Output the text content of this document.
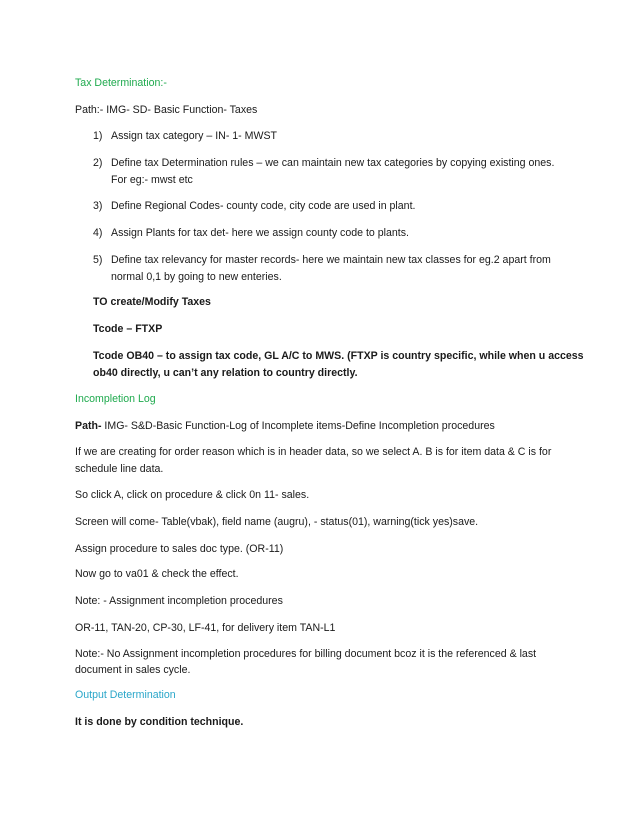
Tax Determination:-

Path:- IMG- SD- Basic Function- Taxes

1) Assign tax category – IN- 1- MWST
2) Define tax Determination rules – we can maintain new tax categories by copying existing ones.
For eg:- mwst etc
3) Define Regional Codes- county code, city code are used in plant.
4) Assign Plants for tax det- here we assign county code to plants.
5) Define tax relevancy for master records- here we maintain new tax classes for eg.2 apart from
normal 0,1 by going to new enteries.

TO create/Modify Taxes

Tcode – FTXP

Tcode OB40 – to assign tax code, GL A/C to MWS. (FTXP is country specific, while when u access

ob40 directly, u can’t any relation to country directly.

Incompletion Log

Path- IMG- S&D-Basic Function-Log of Incomplete items-Define Incompletion procedures

If we are creating for order reason which is in header data, so we select A. B is for item data & C is for

schedule line data.

So click A, click on procedure & click 0n 11- sales.

Screen will come- Table(vbak), field name (augru), - status(01), warning(tick yes)save.

Assign procedure to sales doc type. (OR-11)

Now go to va01 & check the effect.

Note: - Assignment incompletion procedures

OR-11, TAN-20, CP-30, LF-41, for delivery item TAN-L1

Note:- No Assignment incompletion procedures for billing document bcoz it is the referenced & last

document in sales cycle.

Output Determination

It is done by condition technique.
